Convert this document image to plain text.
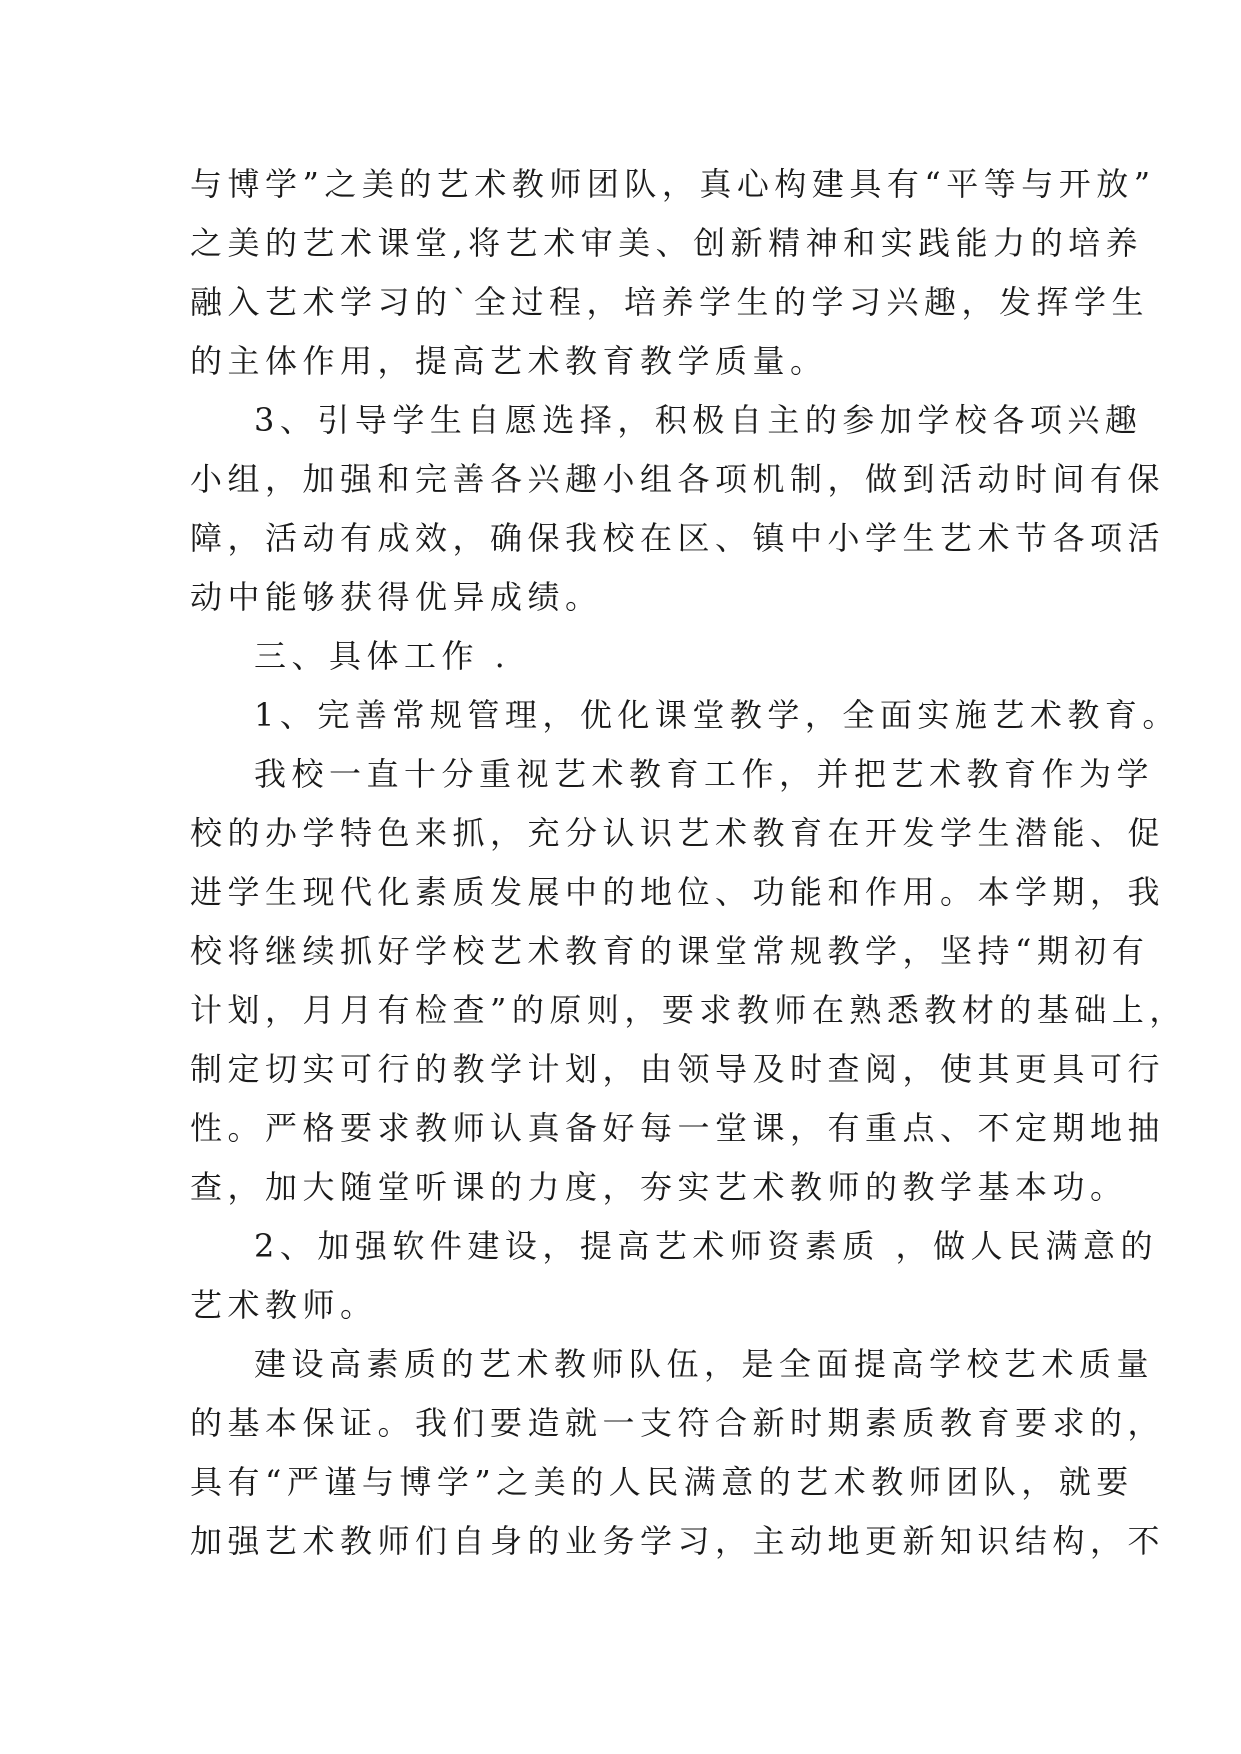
与博学”之美的艺术教师团队，真心构建具有“平等与开放”
之美的艺术课堂,将艺术审美、创新精神和实践能力的培养
融入艺术学习的`全过程，培养学生的学习兴趣，发挥学生
的主体作用，提高艺术教育教学质量。
3、引导学生自愿选择，积极自主的参加学校各项兴趣
小组，加强和完善各兴趣小组各项机制，做到活动时间有保
障，活动有成效，确保我校在区、镇中小学生艺术节各项活
动中能够获得优异成绩。
三、具体工作 .
1、完善常规管理，优化课堂教学，全面实施艺术教育。
我校一直十分重视艺术教育工作，并把艺术教育作为学
校的办学特色来抓，充分认识艺术教育在开发学生潜能、促
进学生现代化素质发展中的地位、功能和作用。本学期，我
校将继续抓好学校艺术教育的课堂常规教学，坚持“期初有
计划，月月有检查”的原则，要求教师在熟悉教材的基础上，
制定切实可行的教学计划，由领导及时查阅，使其更具可行
性。严格要求教师认真备好每一堂课，有重点、不定期地抽
查，加大随堂听课的力度，夯实艺术教师的教学基本功。
2、加强软件建设，提高艺术师资素质 ，做人民满意的
艺术教师。
建设高素质的艺术教师队伍，是全面提高学校艺术质量
的基本保证。我们要造就一支符合新时期素质教育要求的，
具有“严谨与博学”之美的人民满意的艺术教师团队，就要
加强艺术教师们自身的业务学习，主动地更新知识结构，不
